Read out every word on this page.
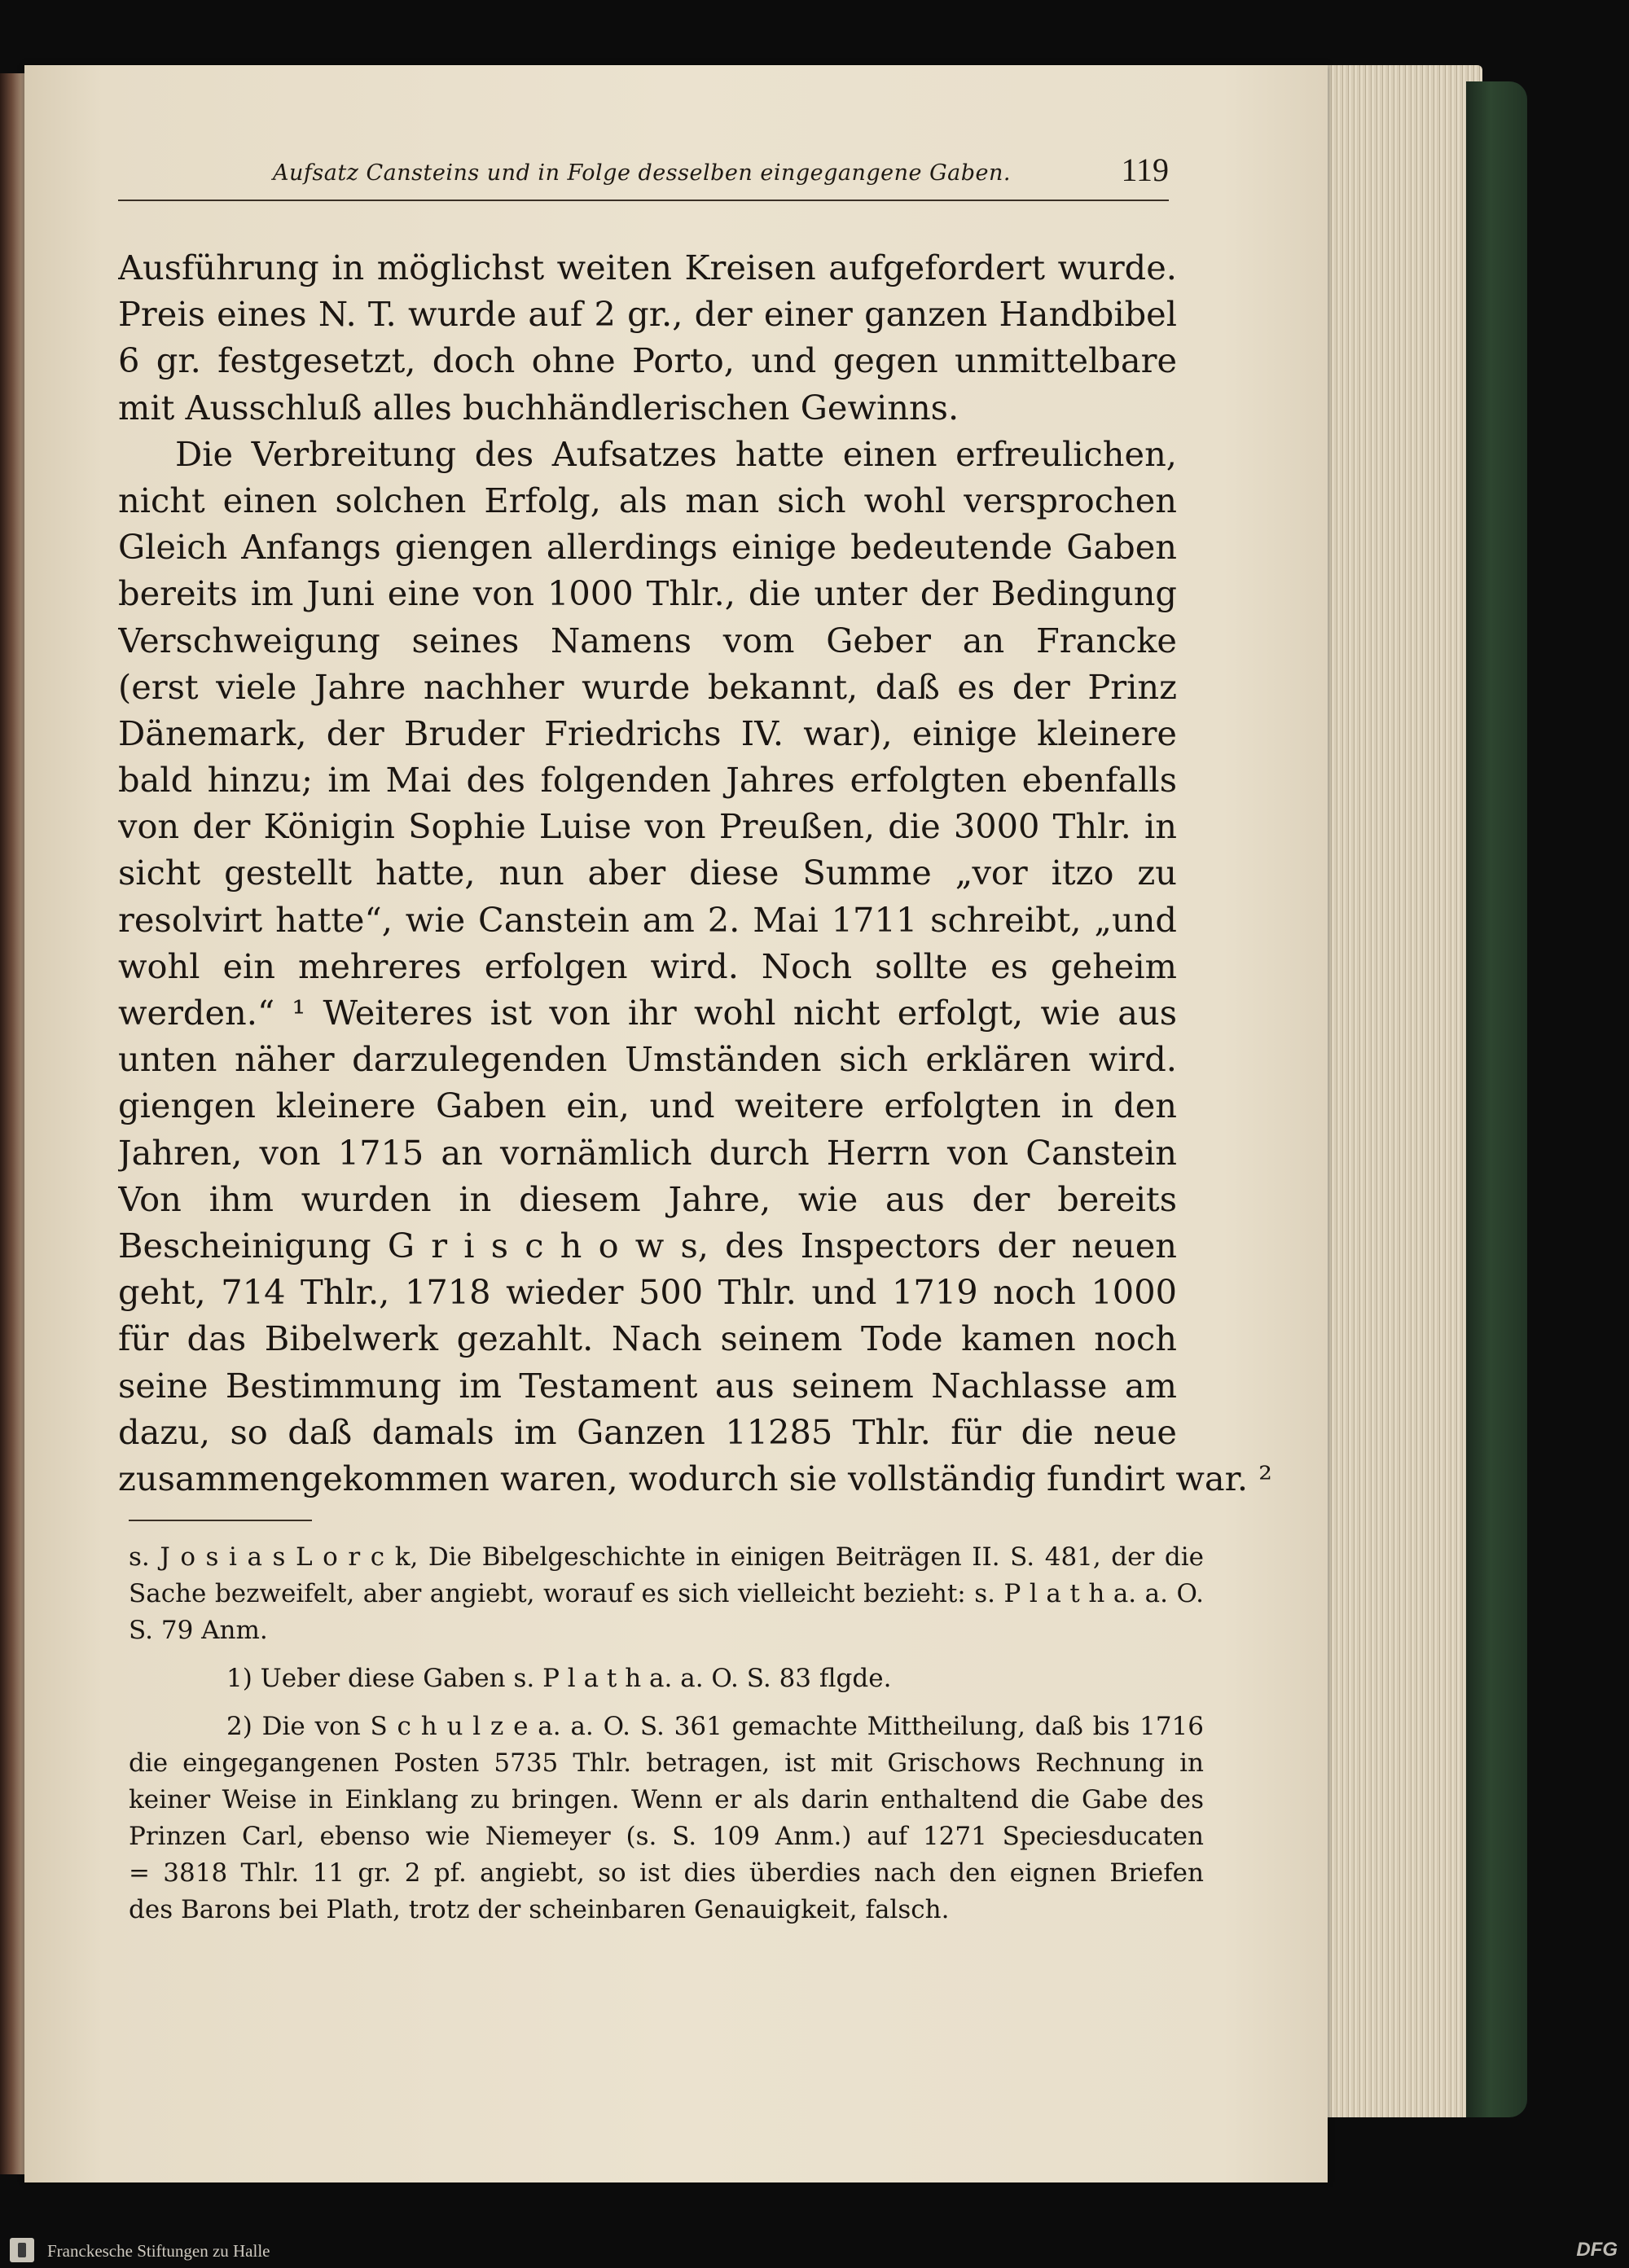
Aufsatz Cansteins und in Folge desselben eingegangene Gaben.	119
Ausführung in möglichst weiten Kreisen aufgefordert wurde.
Preis eines N. T. wurde auf 2 gr., der einer ganzen Handbibel
6 gr. festgesetzt, doch ohne Porto, und gegen unmittelbare
mit Ausschluß alles buchhändlerischen Gewinns.
Die Verbreitung des Aufsatzes hatte einen erfreulichen,
nicht einen solchen Erfolg, als man sich wohl versprochen
Gleich Anfangs giengen allerdings einige bedeutende Gaben
bereits im Juni eine von 1000 Thlr., die unter der Bedingung
Verschweigung seines Namens vom Geber an Francke
(erst viele Jahre nachher wurde bekannt, daß es der Prinz
Dänemark, der Bruder Friedrichs IV. war), einige kleinere
bald hinzu; im Mai des folgenden Jahres erfolgten ebenfalls
von der Königin Sophie Luise von Preußen, die 3000 Thlr. in
sicht gestellt hatte, nun aber diese Summe „vor itzo zu
resolvirt hatte“, wie Canstein am 2. Mai 1711 schreibt, „und
wohl ein mehreres erfolgen wird. Noch sollte es geheim
werden.“ ¹ Weiteres ist von ihr wohl nicht erfolgt, wie aus
unten näher darzulegenden Umständen sich erklären wird.
giengen kleinere Gaben ein, und weitere erfolgten in den
Jahren, von 1715 an vornämlich durch Herrn von Canstein
Von ihm wurden in diesem Jahre, wie aus der bereits
Bescheinigung G r i s c h o w s, des Inspectors der neuen
geht, 714 Thlr., 1718 wieder 500 Thlr. und 1719 noch 1000
für das Bibelwerk gezahlt. Nach seinem Tode kamen noch
seine Bestimmung im Testament aus seinem Nachlasse am
dazu, so daß damals im Ganzen 11285 Thlr. für die neue
zusammengekommen waren, wodurch sie vollständig fundirt war. ²
s. J o s i a s L o r c k, Die Bibelgeschichte in einigen Beiträgen II. S. 481, der die
Sache bezweifelt, aber angiebt, worauf es sich vielleicht bezieht: s. P l a t h a. a. O.
S. 79 Anm.
1) Ueber diese Gaben s. P l a t h a. a. O. S. 83 flgde.
2) Die von S c h u l z e a. a. O. S. 361 gemachte Mittheilung, daß bis 1716
die eingegangenen Posten 5735 Thlr. betragen, ist mit Grischows Rechnung in
keiner Weise in Einklang zu bringen. Wenn er als darin enthaltend die Gabe des
Prinzen Carl, ebenso wie Niemeyer (s. S. 109 Anm.) auf 1271 Speciesducaten
= 3818 Thlr. 11 gr. 2 pf. angiebt, so ist dies überdies nach den eignen Briefen
des Barons bei Plath, trotz der scheinbaren Genauigkeit, falsch.
Franckesche Stiftungen zu Halle	DFG
